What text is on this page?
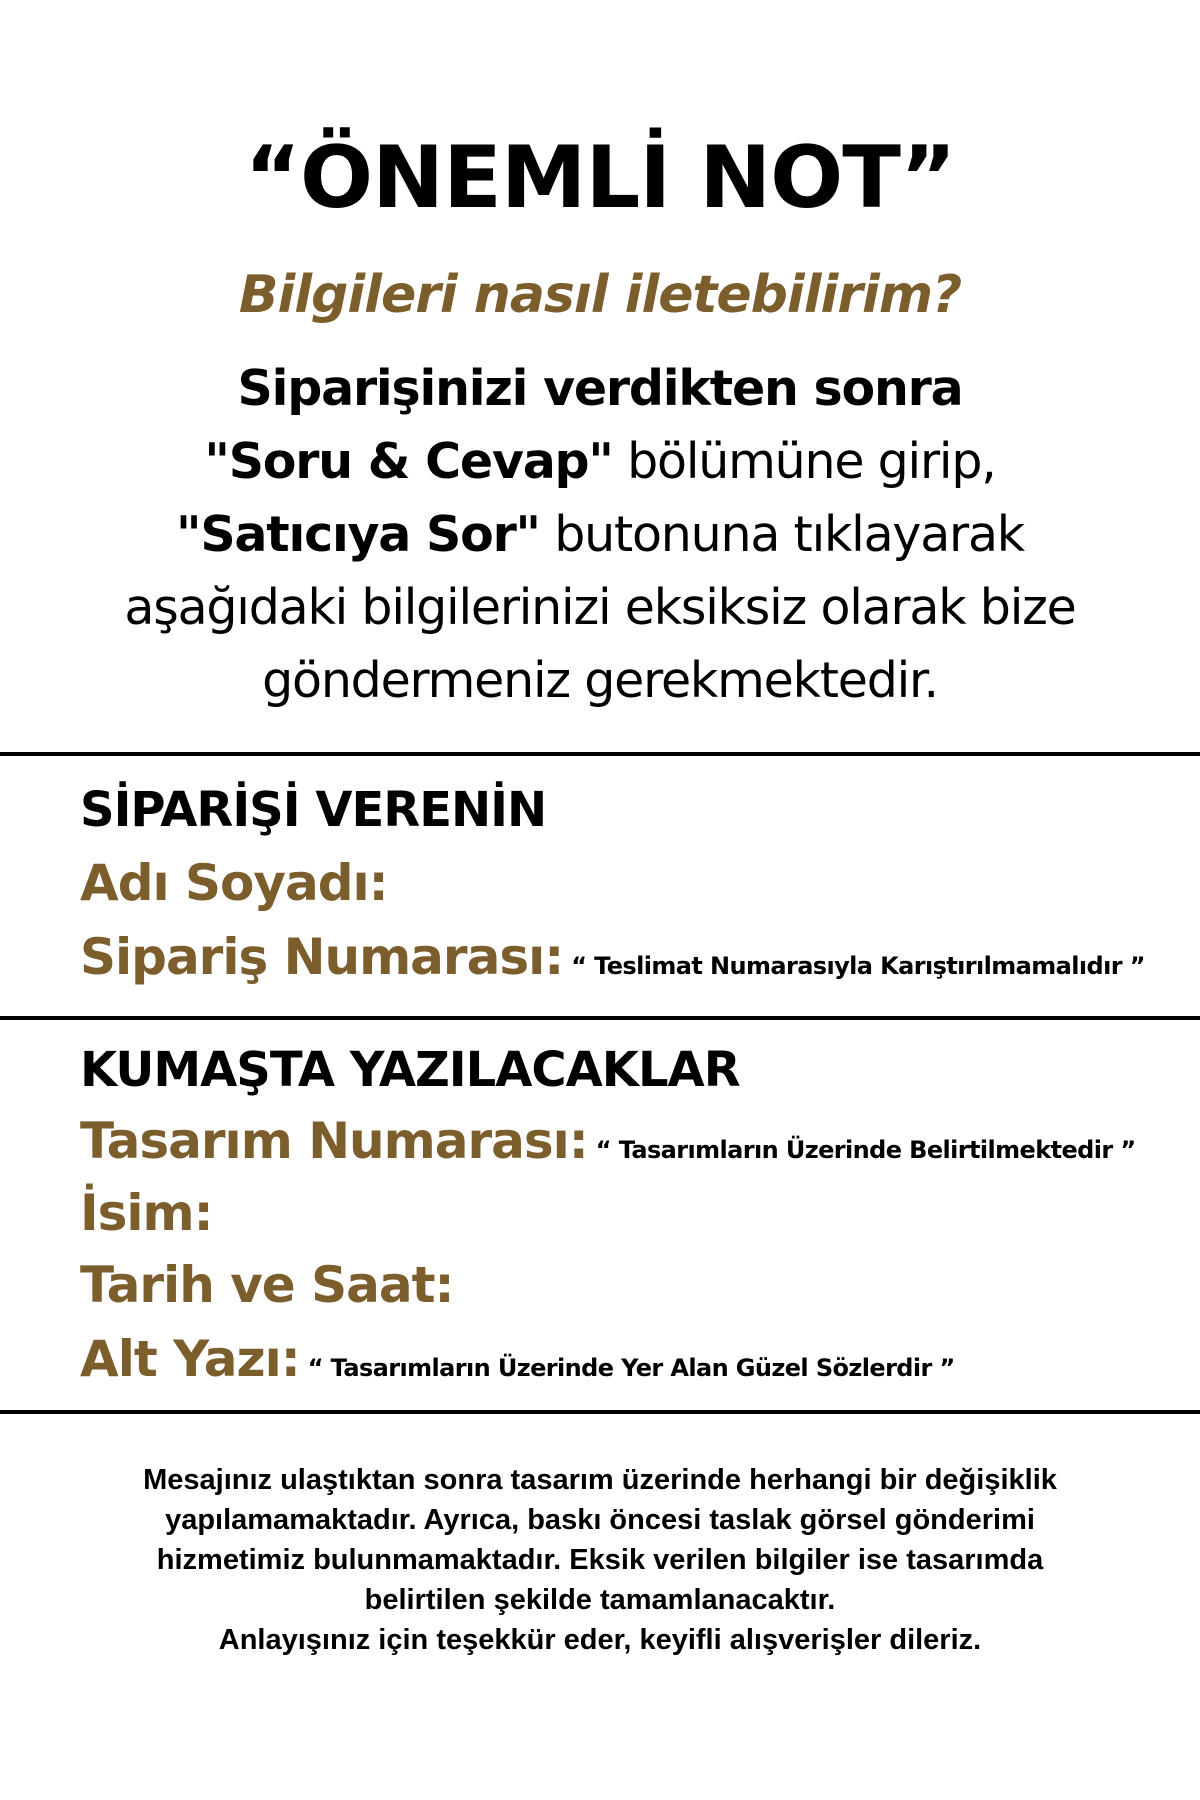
“ÖNEMLİ NOT”
Bilgileri nasıl iletebilirim?
Siparişinizi verdikten sonra
"Soru & Cevap" bölümüne girip,
"Satıcıya Sor" butonuna tıklayarak
aşağıdaki bilgilerinizi eksiksiz olarak bize
göndermeniz gerekmektedir.
SİPARİŞİ VERENİN
Adı Soyadı:
Sipariş Numarası: “ Teslimat Numarasıyla Karıştırılmamalıdır ”
KUMAŞTA YAZILACAKLAR
Tasarım Numarası: “ Tasarımların Üzerinde Belirtilmektedir ”
İsim:
Tarih ve Saat:
Alt Yazı: “ Tasarımların Üzerinde Yer Alan Güzel Sözlerdir ”
Mesajınız ulaştıktan sonra tasarım üzerinde herhangi bir değişiklik
yapılamamaktadır. Ayrıca, baskı öncesi taslak görsel gönderimi
hizmetimiz bulunmamaktadır. Eksik verilen bilgiler ise tasarımda
belirtilen şekilde tamamlanacaktır.
Anlayışınız için teşekkür eder, keyifli alışverişler dileriz.
